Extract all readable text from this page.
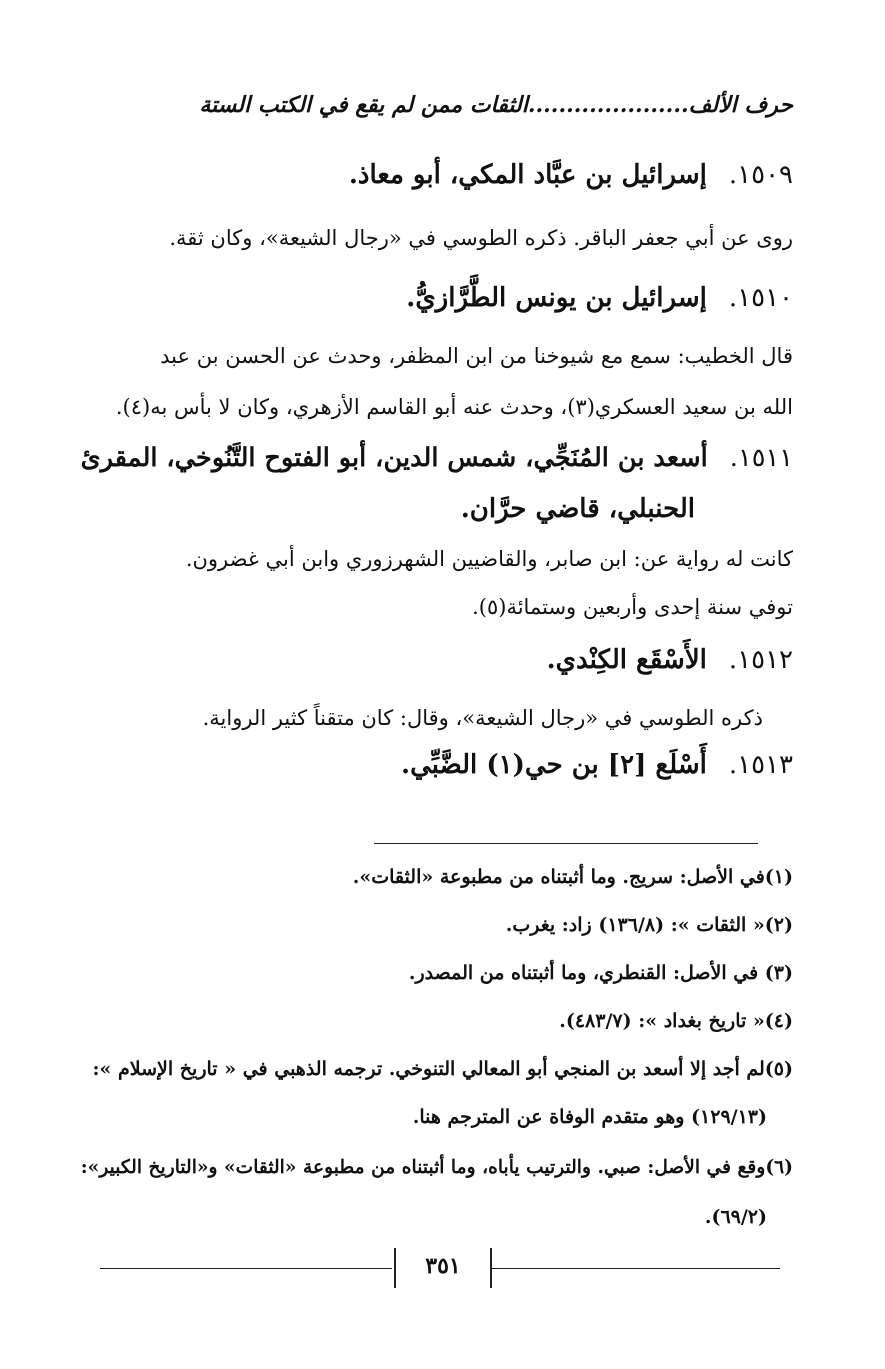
حرف الألف.....................الثقات ممن لم يقع في الكتب الستة
١٥٠٩.إسرائيل بن عبَّاد المكي، أبو معاذ.
روى عن أبي جعفر الباقر. ذكره الطوسي في «رجال الشيعة»، وكان ثقة.
١٥١٠.إسرائيل بن يونس الطَّرَّازيُّ.
قال الخطيب: سمع مع شيوخنا من ابن المظفر، وحدث عن الحسن بن عبد
الله بن سعيد العسكري(٣)، وحدث عنه أبو القاسم الأزهري، وكان لا بأس به(٤).
١٥١١.أسعد بن المُنَجِّي، شمس الدين، أبو الفتوح التَّنُوخي، المقرئ
الحنبلي، قاضي حرَّان.
كانت له رواية عن: ابن صابر، والقاضيين الشهرزوري وابن أبي غضرون.
توفي سنة إحدى وأربعين وستمائة(٥).
١٥١٢.الأَسْقَع الكِنْدي.
ذكره الطوسي في «رجال الشيعة»، وقال: كان متقناً كثير الرواية.
١٥١٣.أَسْلَع [٢] بن حي(١) الضَّبِّي.
(١)في الأصل: سريج. وما أثبتناه من مطبوعة «الثقات».
(٢)« الثقات »: (١٣٦/٨) زاد: يغرب.
(٣) في الأصل: القنطري، وما أثبتناه من المصدر.
(٤)« تاريخ بغداد »: (٤٨٣/٧).
(٥)لم أجد إلا أسعد بن المنجي أبو المعالي التنوخي. ترجمه الذهبي في « تاريخ الإسلام »:
(١٢٩/١٣) وهو متقدم الوفاة عن المترجم هنا.
(٦)وقع في الأصل: صبي. والترتيب يأباه، وما أثبتناه من مطبوعة «الثقات» و«التاريخ الكبير»:
(٦٩/٢).
٣٥١
